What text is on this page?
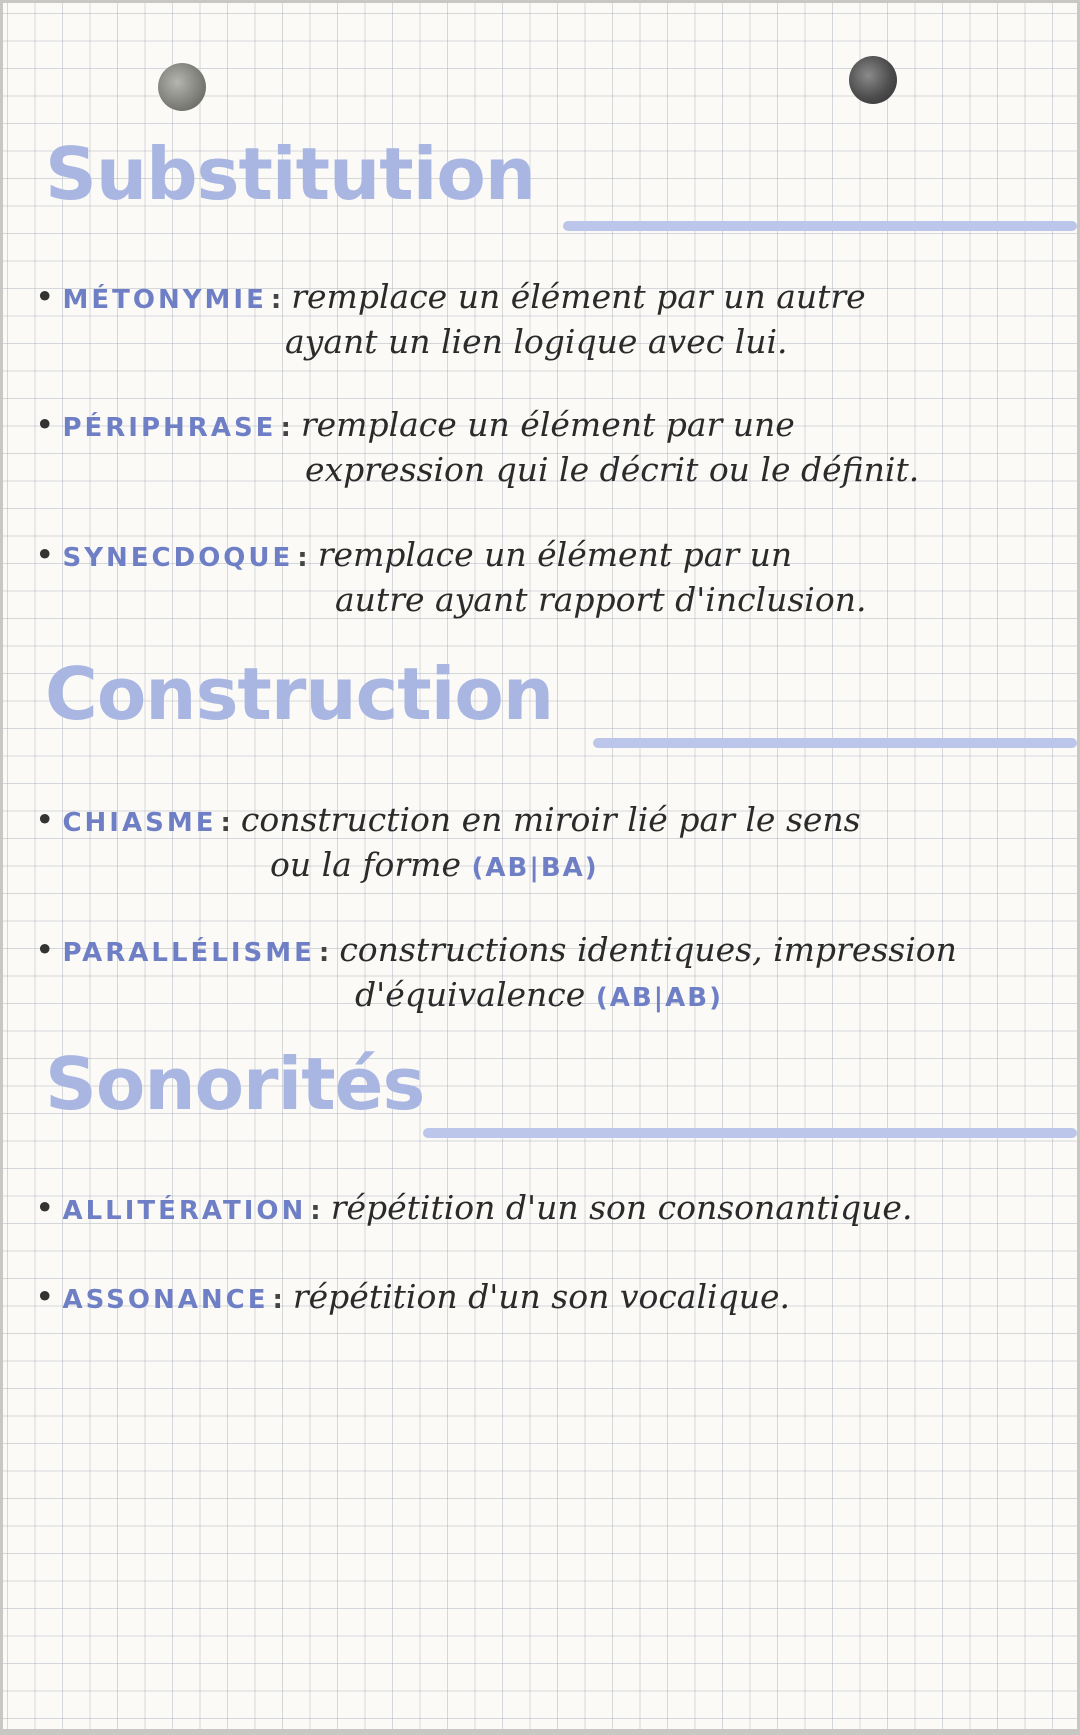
Substitution
• MÉTONYMIE : remplace un élément par un autre
ayant un lien logique avec lui.
• PÉRIPHRASE : remplace un élément par une
expression qui le décrit ou le définit.
• SYNECDOQUE : remplace un élément par un
autre ayant rapport d'inclusion.
Construction
• CHIASME : construction en miroir lié par le sens
ou la forme (AB|BA)
• PARALLÉLISME : constructions identiques, impression
d'équivalence (AB|AB)
Sonorités
• ALLITÉRATION : répétition d'un son consonantique.
• ASSONANCE : répétition d'un son vocalique.
